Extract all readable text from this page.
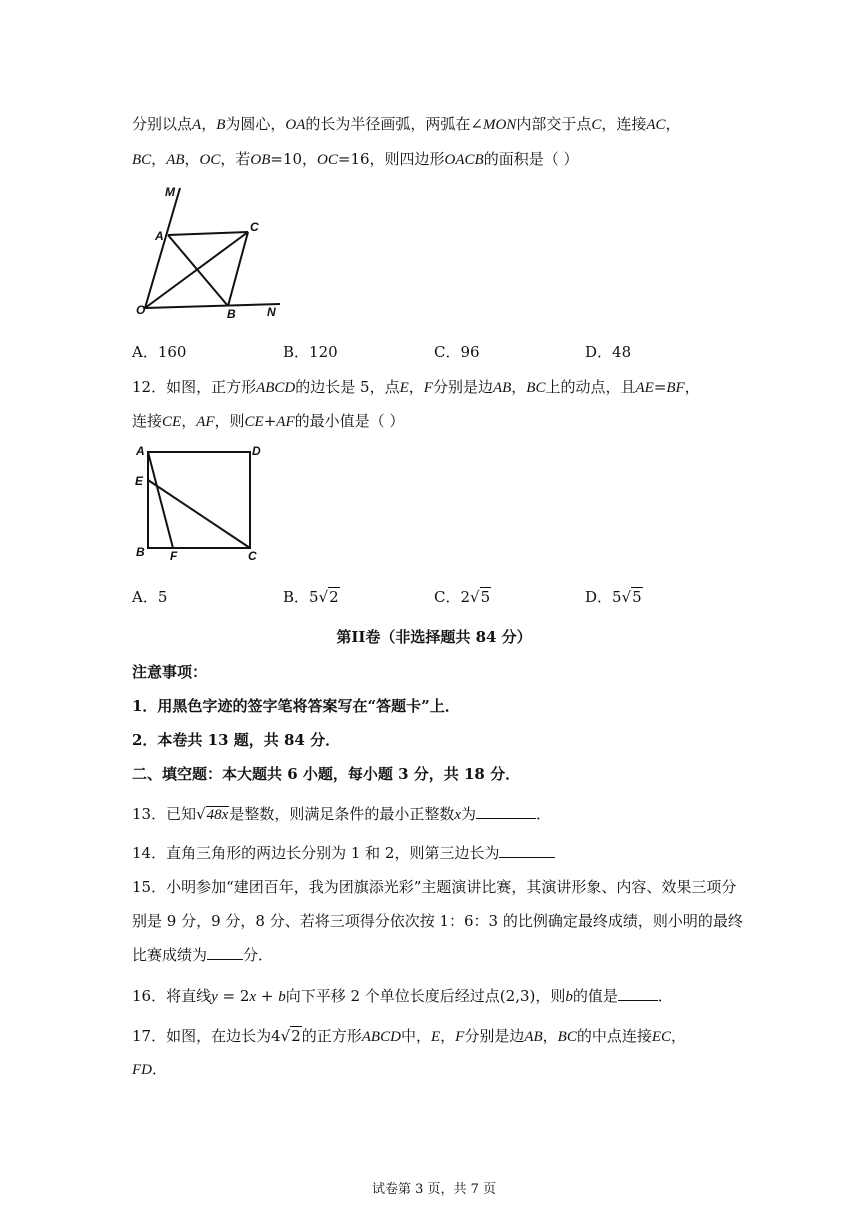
分别以点A，B为圆心，OA的长为半径画弧，两弧在∠MON内部交于点C，连接AC，
BC，AB，OC，若OB=10，OC=16，则四边形OACB的面积是（ ）
M
A
C
O	B	N
A．160	B．120	C．96	D．48
12．如图，正方形ABCD的边长是 5，点E，F分别是边AB，BC上的动点，且AE=BF，
连接CE，AF，则CE+AF的最小值是（ ）
A	D
E
B F	C
A．5	B．5√2	C．2√5	D．5√5
第II卷（非选择题共 84 分）
注意事项：
1．用黑色字迹的签字笔将答案写在“答题卡”上．
2．本卷共 13 题，共 84 分．
二、填空题：本大题共 6 小题，每小题 3 分，共 18 分．
13．已知√48x是整数，则满足条件的最小正整数x为	．
14．直角三角形的两边长分别为 1 和 2，则第三边长为
15．小明参加“建团百年，我为团旗添光彩”主题演讲比赛，其演讲形象、内容、效果三项分
别是 9 分，9 分，8 分、若将三项得分依次按 1：6：3 的比例确定最终成绩，则小明的最终
比赛成绩为 分．
16．将直线y = 2x + b向下平移 2 个单位长度后经过点(2,3)，则b的值是	．
17．如图，在边长为4√2的正方形ABCD中，E，F分别是边AB，BC的中点连接EC，
FD．
试卷第 3 页，共 7 页
